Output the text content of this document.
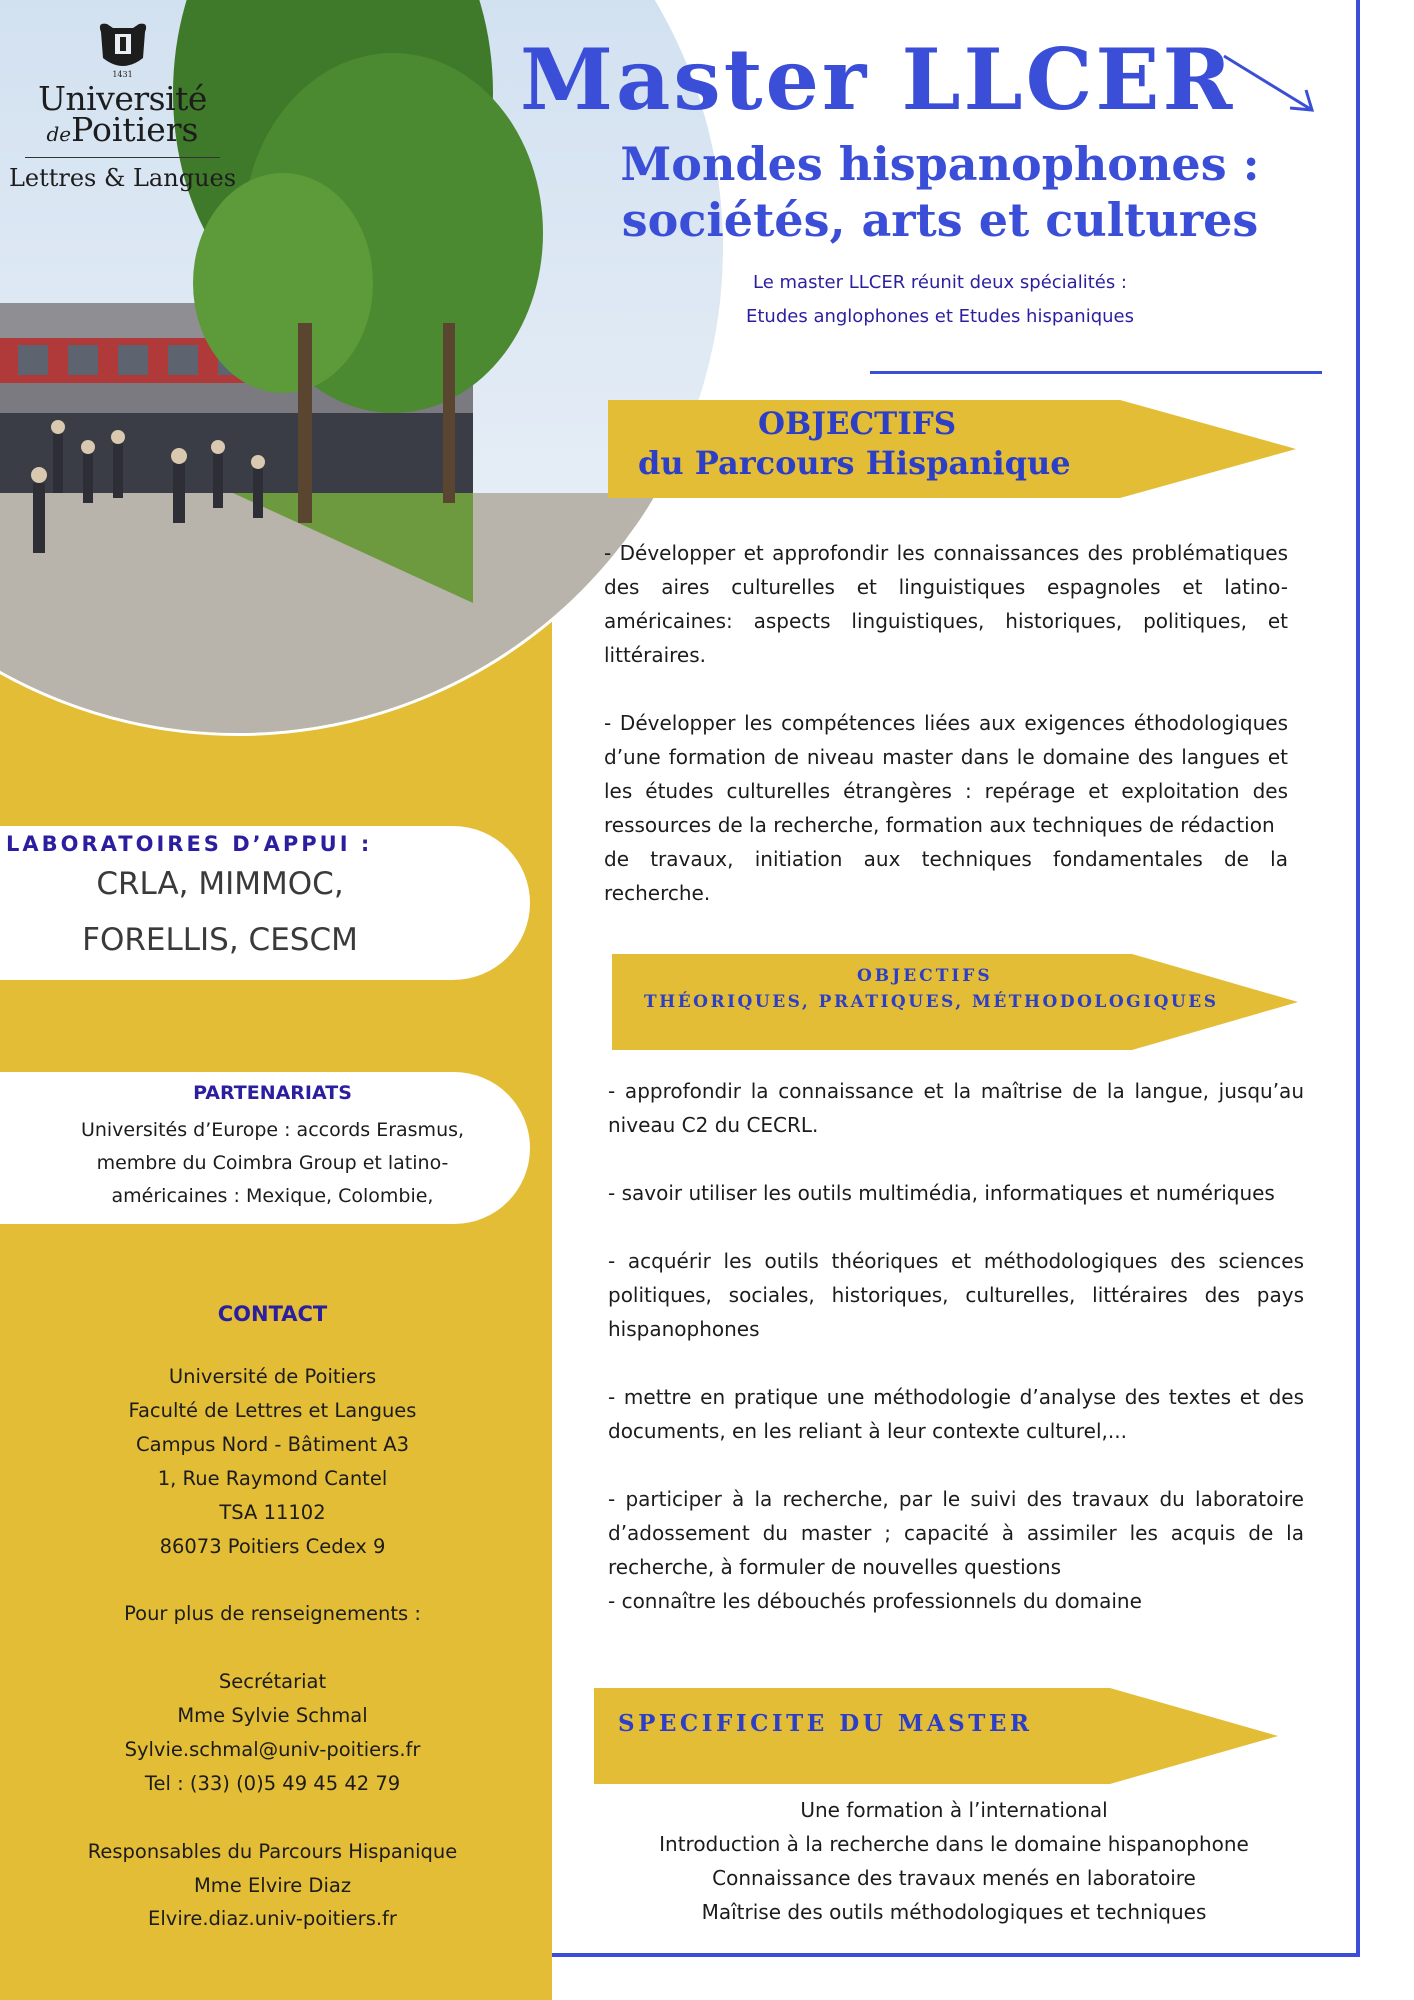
1431
Université
dePoitiers
Lettres & Langues
LABORATOIRES D’APPUI :
CRLA, MIMMOC,
FORELLIS, CESCM
PARTENARIATS
Universités d’Europe : accords Erasmus,
membre du Coimbra Group et latino-
américaines : Mexique, Colombie,
CONTACT
Université de Poitiers
Faculté de Lettres et Langues
Campus Nord - Bâtiment A3
1, Rue Raymond Cantel
TSA 11102
86073 Poitiers Cedex 9
Pour plus de renseignements :
Secrétariat
Mme Sylvie Schmal
Sylvie.schmal@univ-poitiers.fr
Tel : (33) (0)5 49 45 42 79
Responsables du Parcours Hispanique
Mme Elvire Diaz
Elvire.diaz.univ-poitiers.fr
Master LLCER
Mondes hispanophones :
sociétés, arts et cultures
Le master LLCER réunit deux spécialités :
Etudes anglophones et Etudes hispaniques
OBJECTIFS
du Parcours Hispanique

- Développer et approfondir les connaissances des problématiques des aires culturelles et linguistiques espagnoles et latino-américaines: aspects linguistiques, historiques, politiques, et littéraires.

- Développer les compétences liées aux exigences éthodologiques d’une formation de niveau master dans le domaine des langues et les études culturelles étrangères : repérage et exploitation des ressources de la recherche, formation aux techniques de rédaction

de travaux, initiation aux techniques fondamentales de la recherche.

OBJECTIFS
THÉORIQUES, PRATIQUES, MÉTHODOLOGIQUES

- approfondir la connaissance et la maîtrise de la langue, jusqu’au niveau C2 du CECRL.

- savoir utiliser les outils multimédia, informatiques et numériques

- acquérir les outils théoriques et méthodologiques des sciences politiques, sociales, historiques, culturelles, littéraires des pays hispanophones

- mettre en pratique une méthodologie d’analyse des textes et des documents, en les reliant à leur contexte culturel,...

- participer à la recherche, par le suivi des travaux du laboratoire d’adossement du master ; capacité à assimiler les acquis de la recherche, à formuler de nouvelles questions

- connaître les débouchés professionnels du domaine

SPECIFICITE DU MASTER
Une formation à l’international
Introduction à la recherche dans le domaine hispanophone
Connaissance des travaux menés en laboratoire
Maîtrise des outils méthodologiques et techniques
